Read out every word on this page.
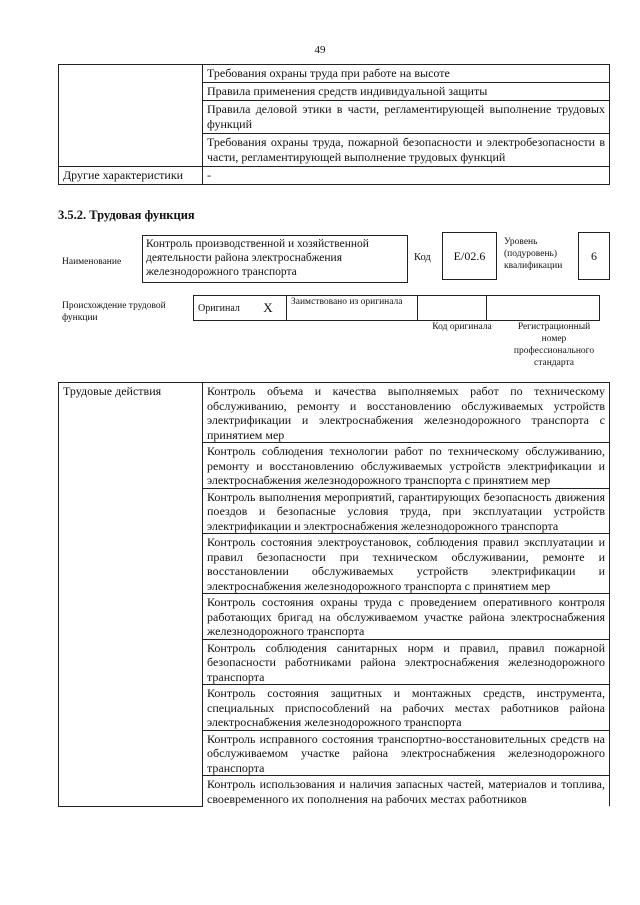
49
	Требования охраны труда при работе на высоте
	Правила применения средств индивидуальной защиты
	Правила деловой этики в части, регламентирующей выполнение трудовых функций
	Требования охраны труда, пожарной безопасности и электробезопасности в части, регламентирующей выполнение трудовых функций
Другие характеристики	-
3.5.2. Трудовая функция
Наименование
Контроль производственной и хозяйственной деятельности района электроснабжения железнодорожного транспорта
Код E/02.6
Уровень (подуровень) квалификации
6
Происхождение трудовой функции
Оригинал	X	Заимствовано из оригинала		
Код оригинала	Регистрационный номер профессионального стандарта
Трудовые действия	Контроль объема и качества выполняемых работ по техническому обслуживанию, ремонту и восстановлению обслуживаемых устройств электрификации и электроснабжения железнодорожного транспорта с принятием мер
Контроль соблюдения технологии работ по техническому обслуживанию, ремонту и восстановлению обслуживаемых устройств электрификации и электроснабжения железнодорожного транспорта с принятием мер
Контроль выполнения мероприятий, гарантирующих безопасность движения поездов и безопасные условия труда, при эксплуатации устройств электрификации и электроснабжения железнодорожного транспорта
Контроль состояния электроустановок, соблюдения правил эксплуатации и правил безопасности при техническом обслуживании, ремонте и восстановлении обслуживаемых устройств электрификации и электроснабжения железнодорожного транспорта с принятием мер
Контроль состояния охраны труда с проведением оперативного контроля работающих бригад на обслуживаемом участке района электроснабжения железнодорожного транспорта
Контроль соблюдения санитарных норм и правил, правил пожарной безопасности работниками района электроснабжения железнодорожного транспорта
Контроль состояния защитных и монтажных средств, инструмента, специальных приспособлений на рабочих местах работников района электроснабжения железнодорожного транспорта
Контроль исправного состояния транспортно-восстановительных средств на обслуживаемом участке района электроснабжения железнодорожного транспорта
Контроль использования и наличия запасных частей, материалов и топлива, своевременного их пополнения на рабочих местах работников
